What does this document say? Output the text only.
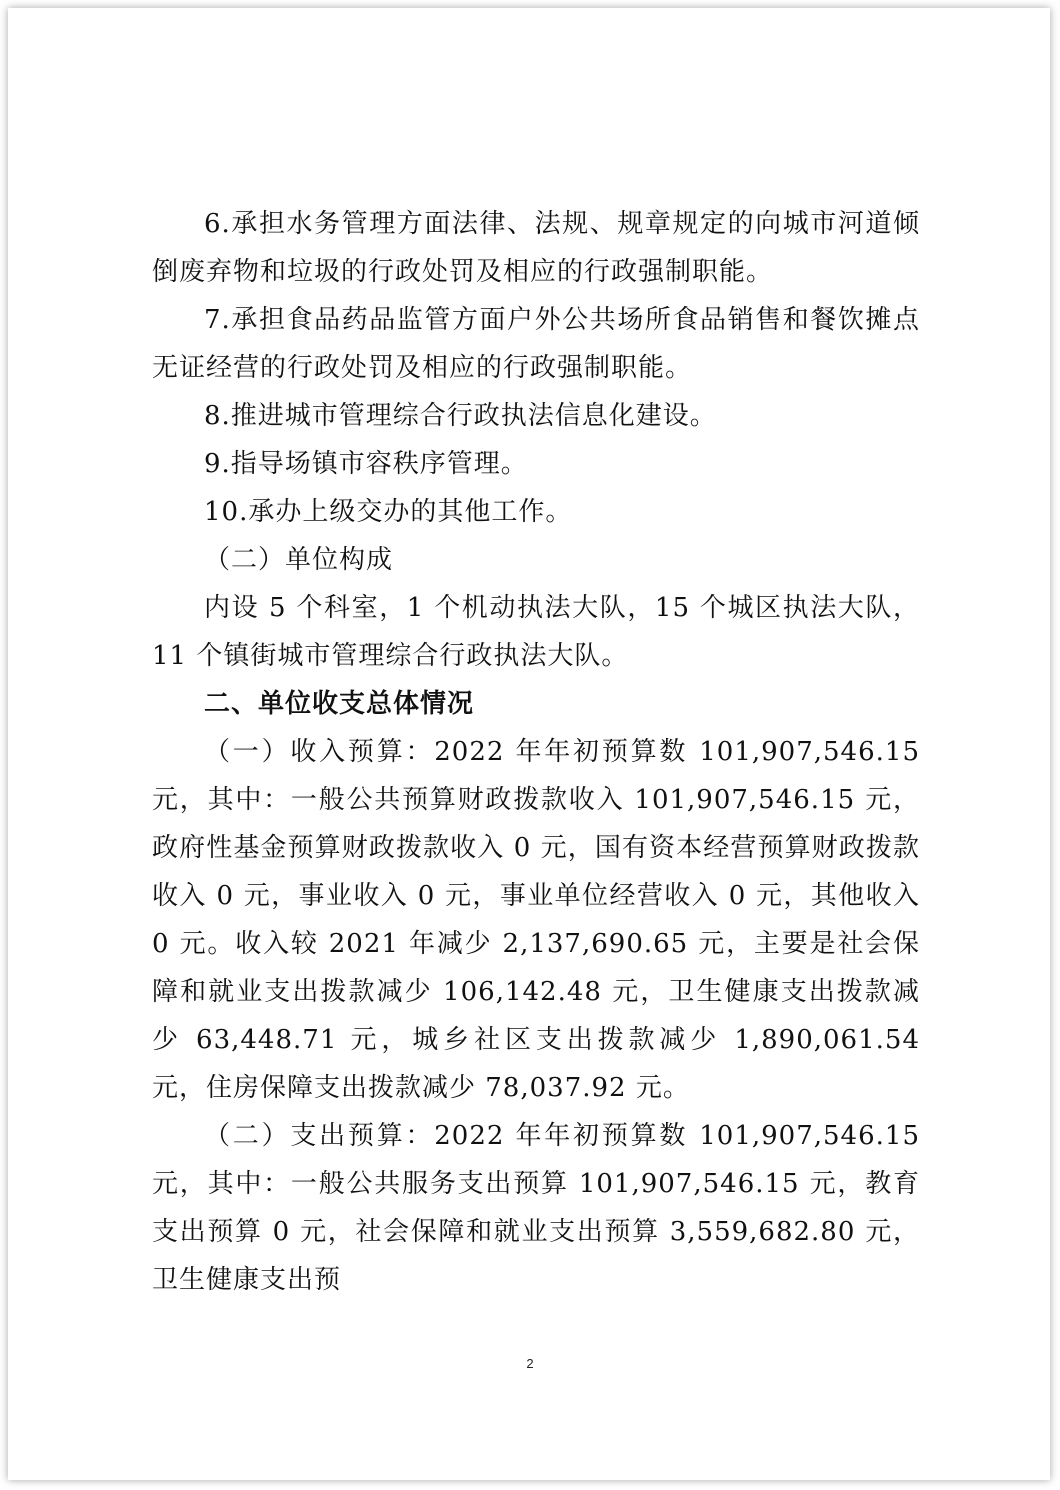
6.承担水务管理方面法律、法规、规章规定的向城市河道倾倒废弃物和垃圾的行政处罚及相应的行政强制职能。

7.承担食品药品监管方面户外公共场所食品销售和餐饮摊点无证经营的行政处罚及相应的行政强制职能。

8.推进城市管理综合行政执法信息化建设。

9.指导场镇市容秩序管理。

10.承办上级交办的其他工作。

（二）单位构成

内设 5 个科室，1 个机动执法大队，15 个城区执法大队，11 个镇街城市管理综合行政执法大队。

二、单位收支总体情况

（一）收入预算：2022 年年初预算数 101,907,546.15 元，其中：一般公共预算财政拨款收入 101,907,546.15 元，政府性基金预算财政拨款收入 0 元，国有资本经营预算财政拨款收入 0 元，事业收入 0 元，事业单位经营收入 0 元，其他收入 0 元。收入较 2021 年减少 2,137,690.65 元，主要是社会保障和就业支出拨款减少 106,142.48 元，卫生健康支出拨款减少 63,448.71 元，城乡社区支出拨款减少 1,890,061.54 元，住房保障支出拨款减少 78,037.92 元。

（二）支出预算：2022 年年初预算数 101,907,546.15 元，其中：一般公共服务支出预算 101,907,546.15 元，教育支出预算 0 元，社会保障和就业支出预算 3,559,682.80 元，卫生健康支出预

2
